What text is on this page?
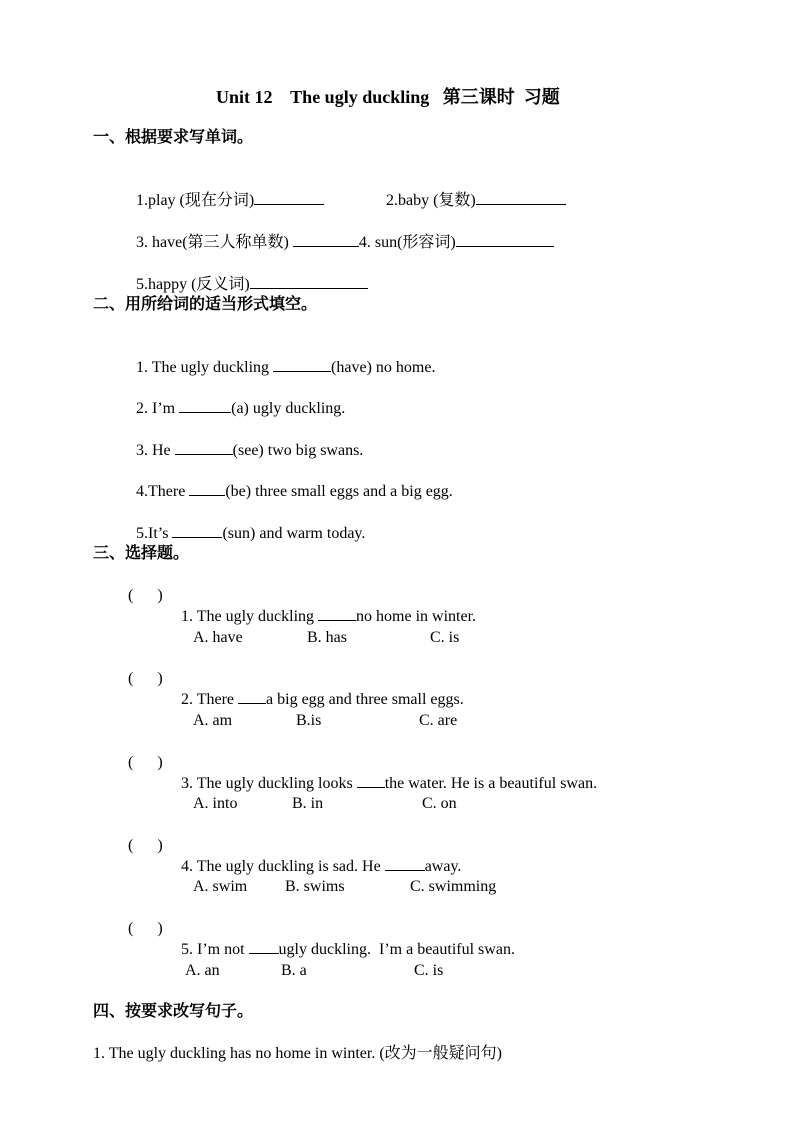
Unit 12    The ugly duckling   第三课时  习题
一、根据要求写单词。

1.play (现在分词)	2.baby (复数)

3. have(第三人称单数)	4. sun(形容词)

5.happy (反义词)

二、用所给词的适当形式填空。

1. The ugly duckling	(have) no home.

2. I’m	(a) ugly duckling.

3. He	(see) two big swans.

4.There (be) three small eggs and a big egg.

5.It’s	(sun) and warm today.

三、选择题。
(      )

1. The ugly duckling no home in winter.

A. have	B. has	C. is
(      )

2. There a big egg and three small eggs.

A. am	B.is	C. are
(      )

3. The ugly duckling looks the water. He is a beautiful swan.

A. into	B. in	C. on
(      )

4. The ugly duckling is sad. He	away.

A. swim B. swims	C. swimming
(      )

5. I’m not ugly duckling.  I’m a beautiful swan.

A. an	B. a	C. is
四、按要求改写句子。
1. The ugly duckling has no home in winter. (改为一般疑问句)
